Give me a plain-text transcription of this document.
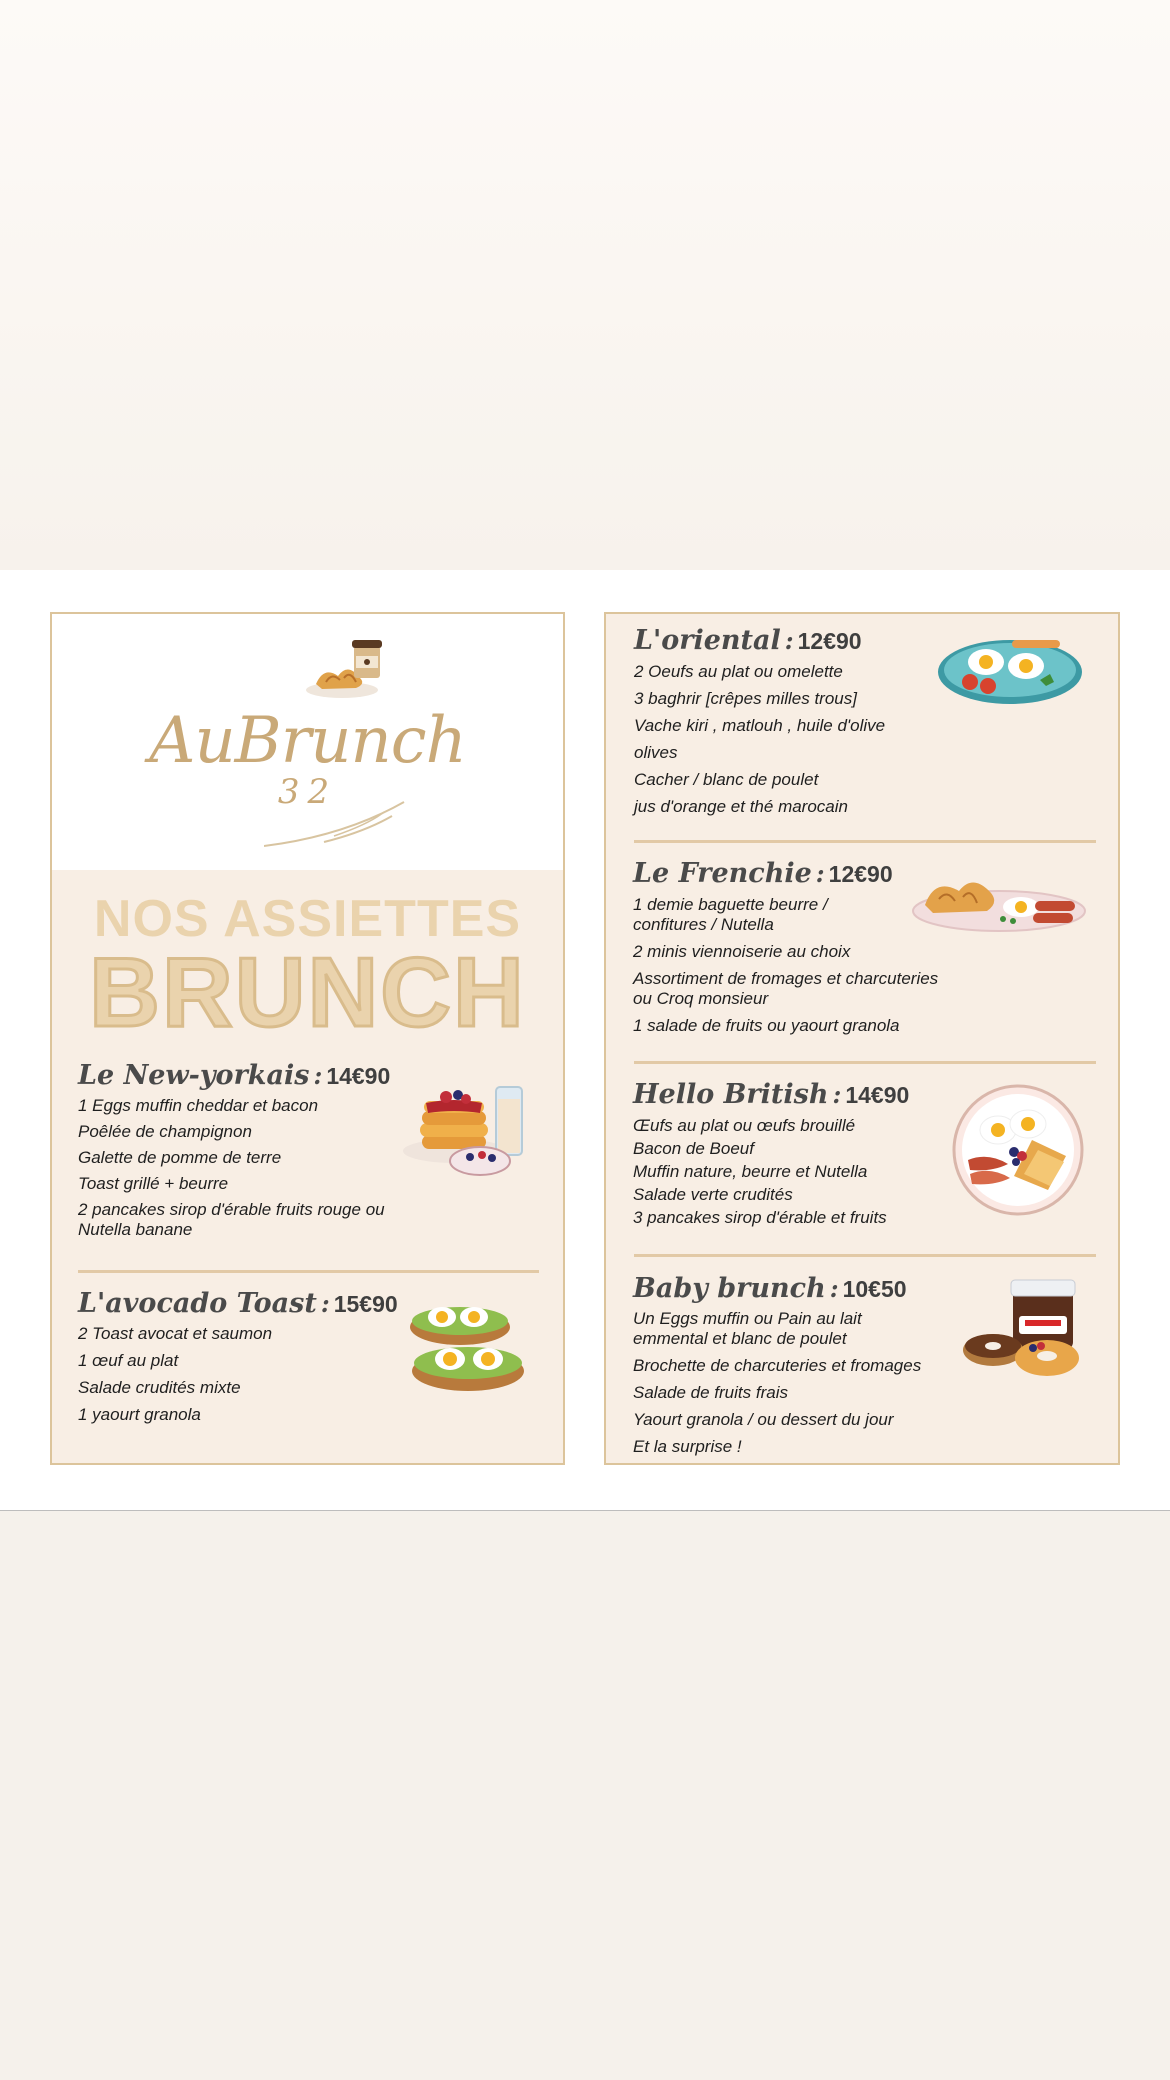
AuBrunch
32
NOS ASSIETTES
BRUNCH
Le New-yorkais : 14€90
1 Eggs muffin cheddar et bacon
Poêlée de champignon
Galette de pomme de terre
Toast grillé + beurre
2 pancakes sirop d'érable fruits rouge ou
Nutella banane
L'avocado Toast : 15€90
2 Toast avocat et saumon
1 œuf au plat
Salade crudités mixte
1 yaourt granola
L'oriental : 12€90
2 Oeufs au plat ou omelette
3 baghrir [crêpes milles trous]
Vache kiri , matlouh , huile d'olive
olives
Cacher / blanc de poulet
jus d'orange et thé marocain
Le Frenchie : 12€90
1 demie baguette beurre /
confitures / Nutella
2 minis viennoiserie au choix
Assortiment de fromages et charcuteries
ou Croq monsieur
1 salade de fruits ou yaourt granola
Hello British : 14€90
Œufs au plat ou œufs brouillé
Bacon de Boeuf
Muffin nature, beurre et Nutella
Salade verte crudités
3 pancakes sirop d'érable et fruits
Baby brunch : 10€50
Un Eggs muffin ou Pain au lait
emmental et blanc de poulet
Brochette de charcuteries et fromages
Salade de fruits frais
Yaourt granola / ou dessert du jour
Et la surprise !
